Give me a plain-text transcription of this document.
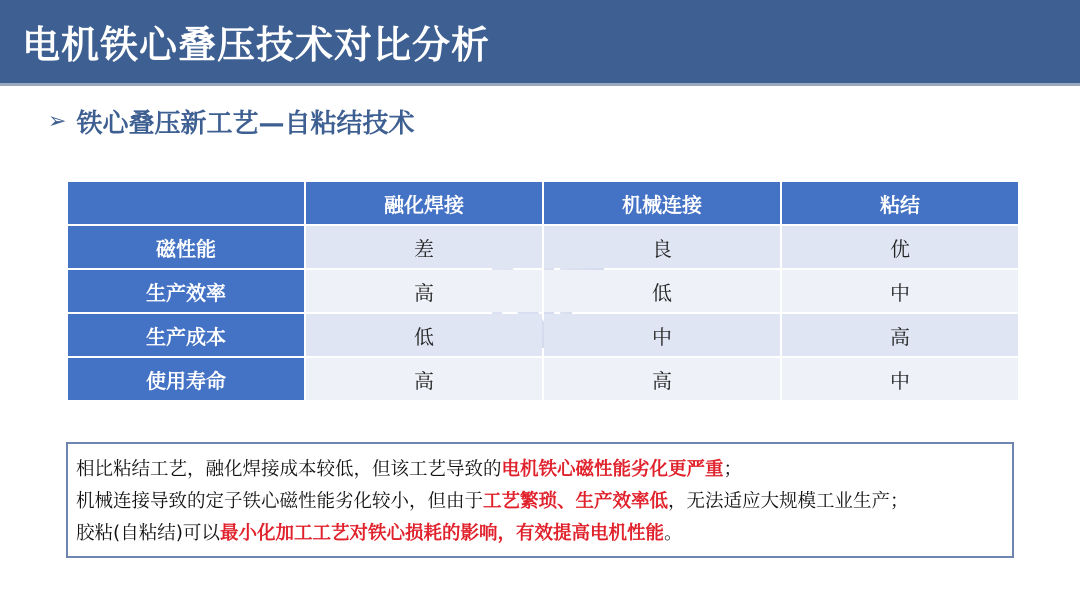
电机铁心叠压技术对比分析
➢ 铁心叠压新工艺—自粘结技术
	融化焊接	机械连接	粘结
磁性能	差	良	优
生产效率	高	低	中
生产成本	低	中	高
使用寿命	高	高	中
相比粘结工艺，融化焊接成本较低，但该工艺导致的电机铁心磁性能劣化更严重；
机械连接导致的定子铁心磁性能劣化较小，但由于工艺繁琐、生产效率低，无法适应大规模工业生产；
胶粘(自粘结)可以最小化加工工艺对铁心损耗的影响，有效提高电机性能。
